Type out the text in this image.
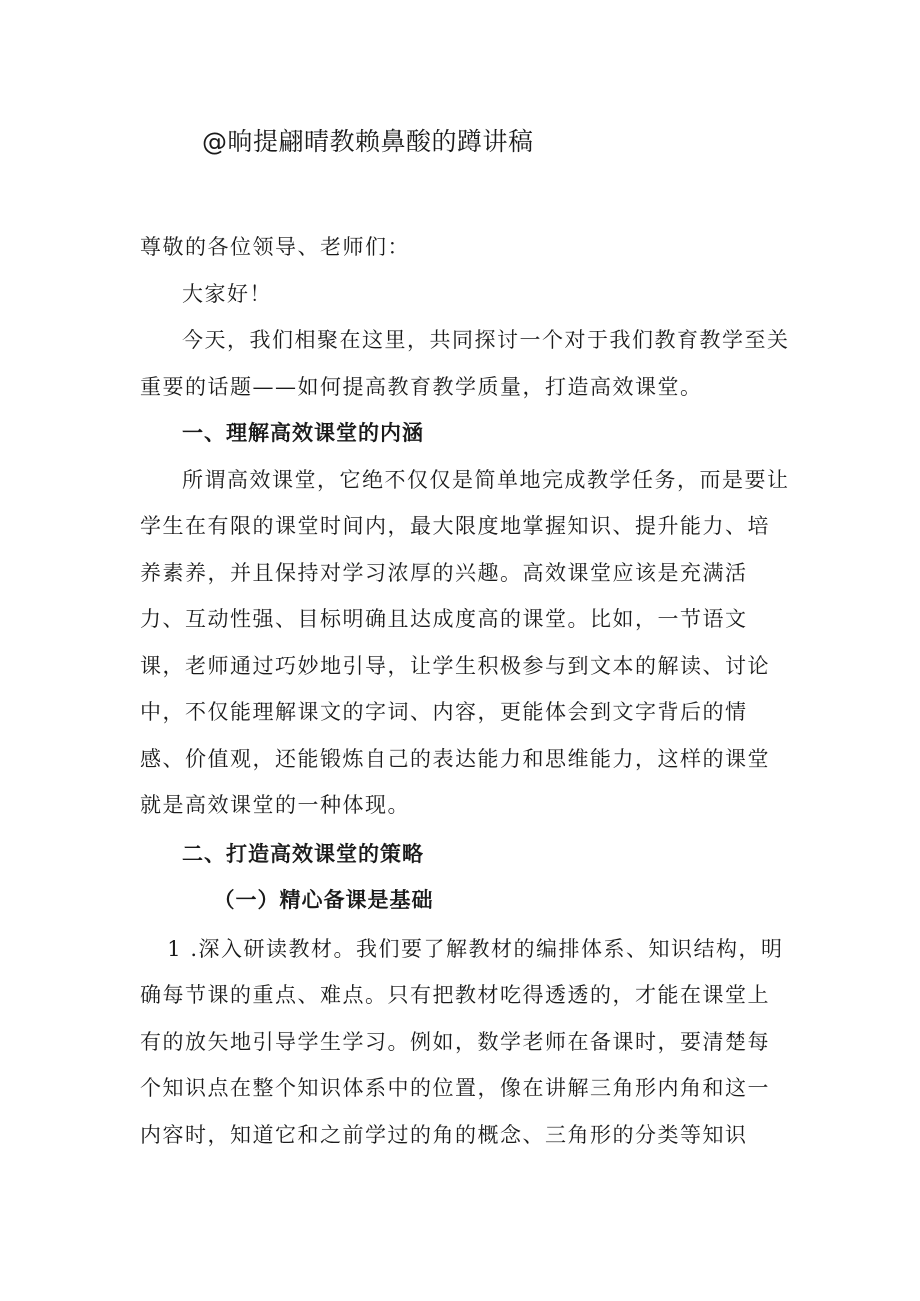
@晌提翩晴教赖鼻酸的蹲讲稿

尊敬的各位领导、老师们：

大家好！

今天，我们相聚在这里，共同探讨一个对于我们教育教学至关重要的话题——如何提高教育教学质量，打造高效课堂。

一、理解高效课堂的内涵

所谓高效课堂，它绝不仅仅是简单地完成教学任务，而是要让学生在有限的课堂时间内，最大限度地掌握知识、提升能力、培养素养，并且保持对学习浓厚的兴趣。高效课堂应该是充满活力、互动性强、目标明确且达成度高的课堂。比如，一节语文课，老师通过巧妙地引导，让学生积极参与到文本的解读、讨论中，不仅能理解课文的字词、内容，更能体会到文字背后的情感、价值观，还能锻炼自己的表达能力和思维能力，这样的课堂就是高效课堂的一种体现。

二、打造高效课堂的策略

（一）精心备课是基础

1 .深入研读教材。我们要了解教材的编排体系、知识结构，明确每节课的重点、难点。只有把教材吃得透透的，才能在课堂上有的放矢地引导学生学习。例如，数学老师在备课时，要清楚每个知识点在整个知识体系中的位置，像在讲解三角形内角和这一内容时，知道它和之前学过的角的概念、三角形的分类等知识
